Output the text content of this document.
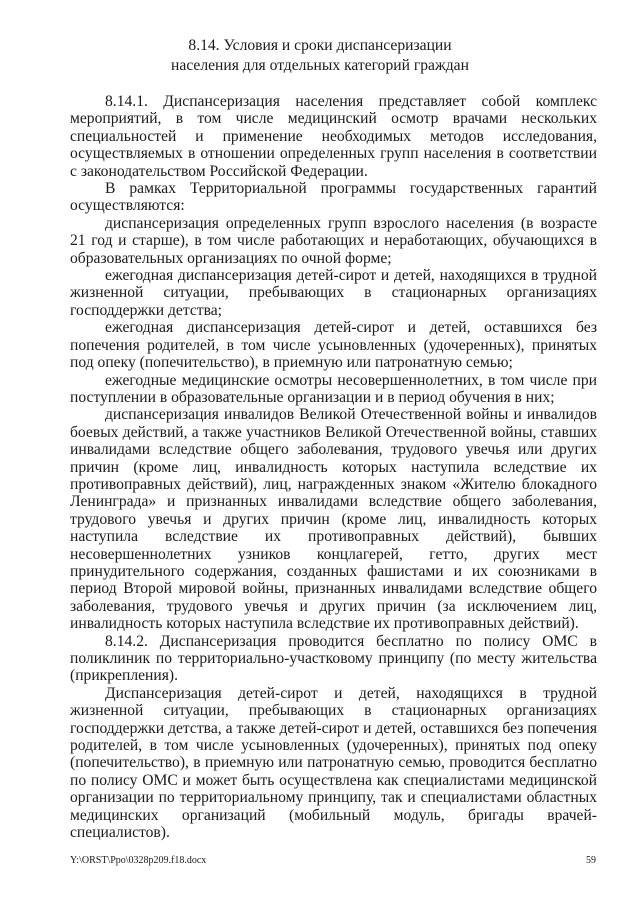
8.14. Условия и сроки диспансеризации
населения для отдельных категорий граждан

8.14.1. Диспансеризация населения представляет собой комплекс мероприятий, в том числе медицинский осмотр врачами нескольких специальностей и применение необходимых методов исследования, осуществляемых в отношении определенных групп населения в соответствии с законодательством Российской Федерации.

В рамках Территориальной программы государственных гарантий осуществляются:

диспансеризация определенных групп взрослого населения (в возрасте 21 год и старше), в том числе работающих и неработающих, обучающихся в образовательных организациях по очной форме;

ежегодная диспансеризация детей-сирот и детей, находящихся в трудной жизненной ситуации, пребывающих в стационарных организациях господдержки детства;

ежегодная диспансеризация детей-сирот и детей, оставшихся без попечения родителей, в том числе усыновленных (удочеренных), принятых под опеку (попечительство), в приемную или патронатную семью;

ежегодные медицинские осмотры несовершеннолетних, в том числе при поступлении в образовательные организации и в период обучения в них;

диспансеризация инвалидов Великой Отечественной войны и инвалидов боевых действий, а также участников Великой Отечественной войны, ставших инвалидами вследствие общего заболевания, трудового увечья или других причин (кроме лиц, инвалидность которых наступила вследствие их противоправных действий), лиц, награжденных знаком «Жителю блокадного Ленинграда» и признанных инвалидами вследствие общего заболевания, трудового увечья и других причин (кроме лиц, инвалидность которых наступила вследствие их противоправных действий), бывших несовершеннолетних узников концлагерей, гетто, других мест принудительного содержания, созданных фашистами и их союзниками в период Второй мировой войны, признанных инвалидами вследствие общего заболевания, трудового увечья и других причин (за исключением лиц, инвалидность которых наступила вследствие их противоправных действий).

8.14.2. Диспансеризация проводится бесплатно по полису ОМС в поликлиник по территориально-участковому принципу (по месту жительства (прикрепления).

Диспансеризация детей-сирот и детей, находящихся в трудной жизненной ситуации, пребывающих в стационарных организациях господдержки детства, а также детей-сирот и детей, оставшихся без попечения родителей, в том числе усыновленных (удочеренных), принятых под опеку (попечительство), в приемную или патронатную семью, проводится бесплатно по полису ОМС и может быть осуществлена как специалистами медицинской организации по территориальному принципу, так и специалистами областных медицинских организаций (мобильный модуль, бригады врачей-специалистов).

Y:\ORST\Ppo\0328p209.f18.docx	59
